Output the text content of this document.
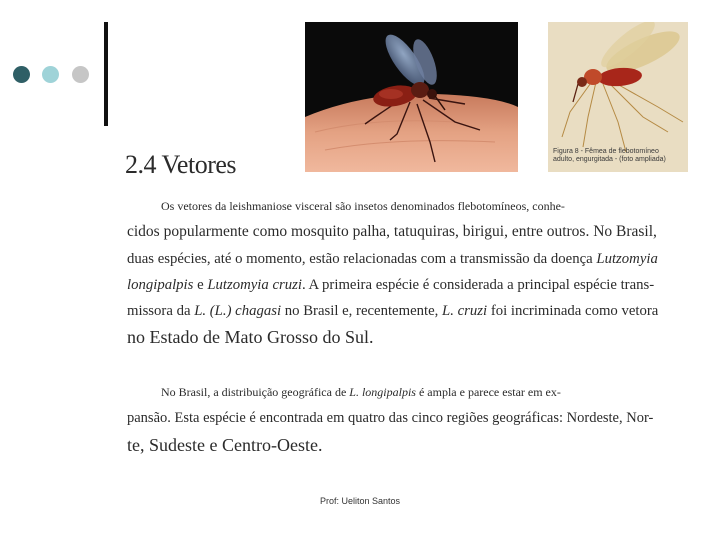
Figura 8 - Fêmea de flebotomíneo
adulto, engurgitada - (foto ampliada)
2.4 Vetores
Os vetores da leishmaniose visceral são insetos denominados flebotomíneos, conhe-
cidos popularmente como mosquito palha, tatuquiras, birigui, entre outros. No Brasil,
duas espécies, até o momento, estão relacionadas com a transmissão da doença Lutzomyia
longipalpis e Lutzomyia cruzi. A primeira espécie é considerada a principal espécie trans-
missora da L. (L.) chagasi no Brasil e, recentemente, L. cruzi foi incriminada como vetora
no Estado de Mato Grosso do Sul.
No Brasil, a distribuição geográfica de L. longipalpis é ampla e parece estar em ex-
pansão. Esta espécie é encontrada em quatro das cinco regiões geográficas: Nordeste, Nor-
te, Sudeste e Centro-Oeste.
Prof: Ueliton Santos
